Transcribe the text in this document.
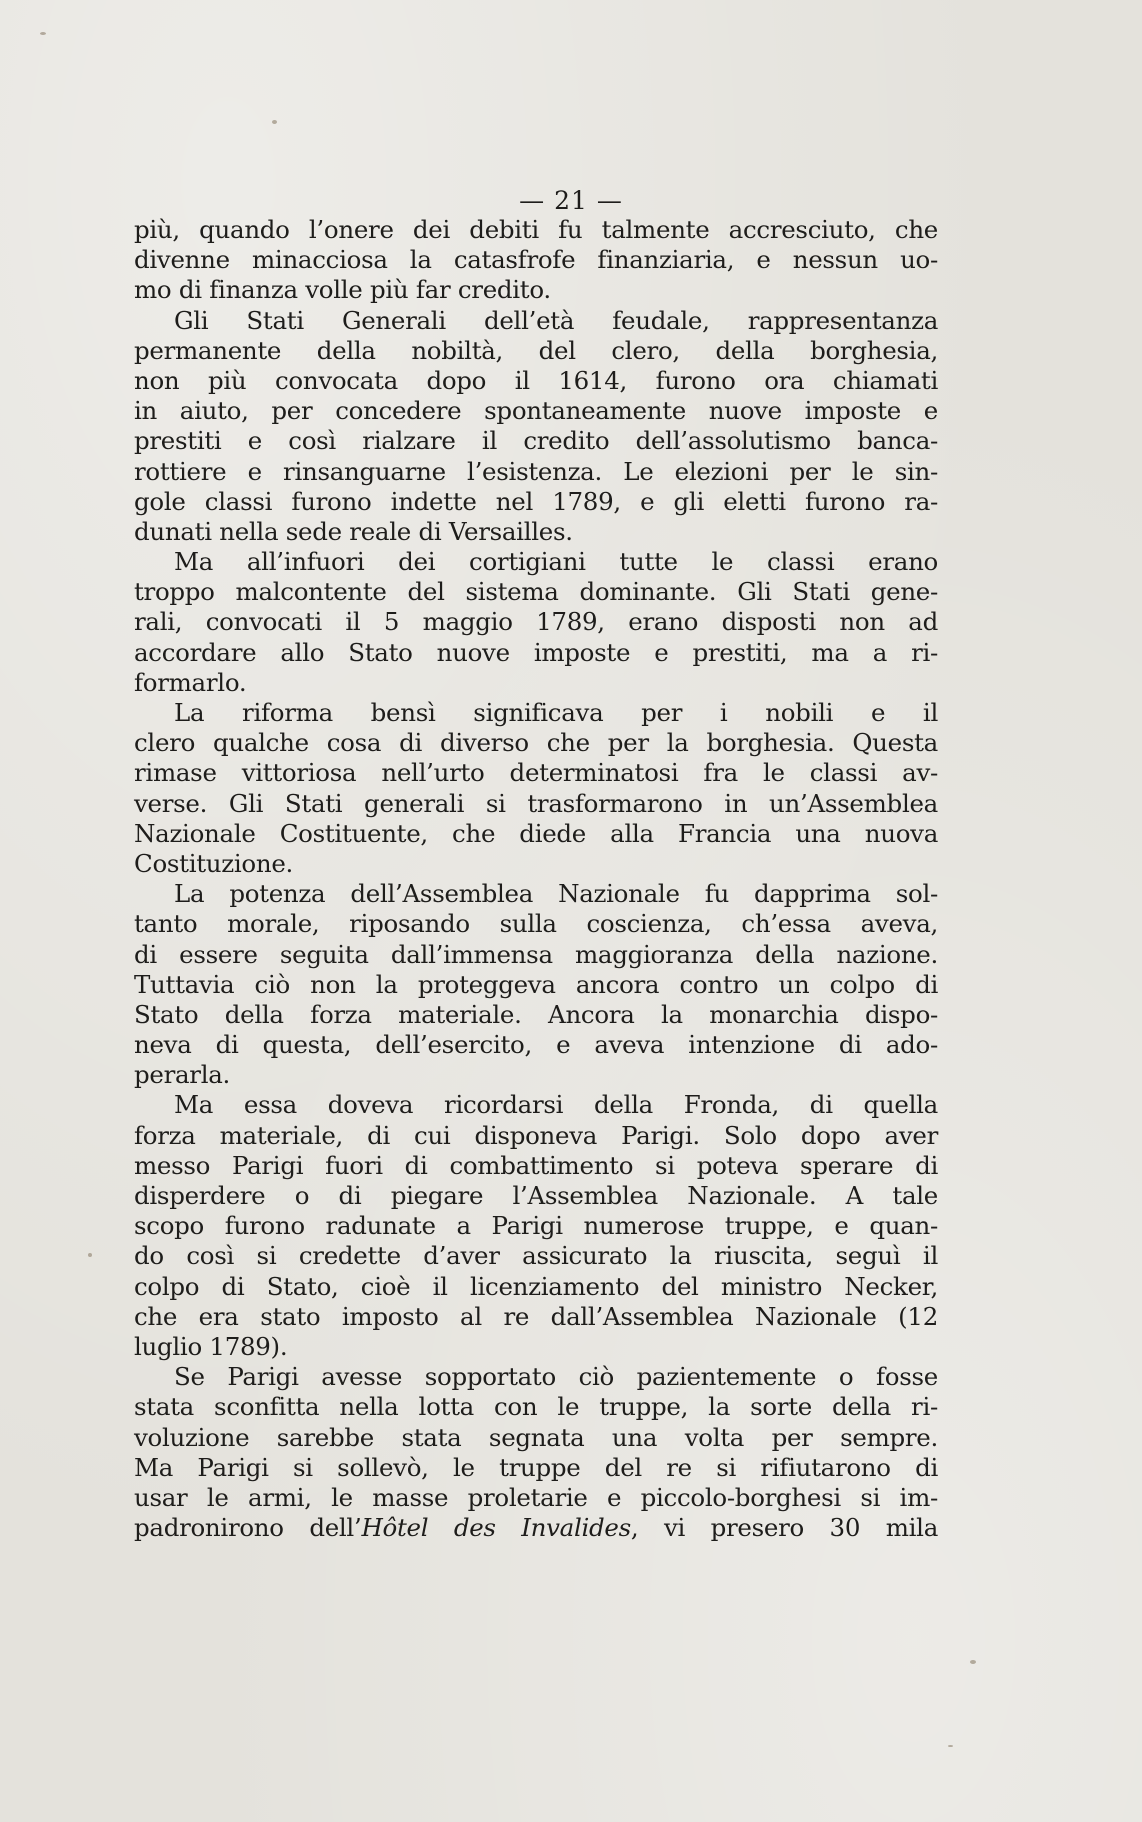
— 21 —
più, quando l’onere dei debiti fu talmente accresciuto, che
divenne minacciosa la catasfrofe finanziaria, e nessun uo-
mo di finanza volle più far credito.
Gli Stati Generali dell’età feudale, rappresentanza
permanente della nobiltà, del clero, della borghesia,
non più convocata dopo il 1614, furono ora chiamati
in aiuto, per concedere spontaneamente nuove imposte e
prestiti e così rialzare il credito dell’assolutismo banca-
rottiere e rinsanguarne l’esistenza. Le elezioni per le sin-
gole classi furono indette nel 1789, e gli eletti furono ra-
dunati nella sede reale di Versailles.
Ma all’infuori dei cortigiani tutte le classi erano
troppo malcontente del sistema dominante. Gli Stati gene-
rali, convocati il 5 maggio 1789, erano disposti non ad
accordare allo Stato nuove imposte e prestiti, ma a ri-
formarlo.
La riforma bensì significava per i nobili e il
clero qualche cosa di diverso che per la borghesia. Questa
rimase vittoriosa nell’urto determinatosi fra le classi av-
verse. Gli Stati generali si trasformarono in un’Assemblea
Nazionale Costituente, che diede alla Francia una nuova
Costituzione.
La potenza dell’Assemblea Nazionale fu dapprima sol-
tanto morale, riposando sulla coscienza, ch’essa aveva,
di essere seguita dall’immensa maggioranza della nazione.
Tuttavia ciò non la proteggeva ancora contro un colpo di
Stato della forza materiale. Ancora la monarchia dispo-
neva di questa, dell’esercito, e aveva intenzione di ado-
perarla.
Ma essa doveva ricordarsi della Fronda, di quella
forza materiale, di cui disponeva Parigi. Solo dopo aver
messo Parigi fuori di combattimento si poteva sperare di
disperdere o di piegare l’Assemblea Nazionale. A tale
scopo furono radunate a Parigi numerose truppe, e quan-
do così si credette d’aver assicurato la riuscita, seguì il
colpo di Stato, cioè il licenziamento del ministro Necker,
che era stato imposto al re dall’Assemblea Nazionale (12
luglio 1789).
Se Parigi avesse sopportato ciò pazientemente o fosse
stata sconfitta nella lotta con le truppe, la sorte della ri-
voluzione sarebbe stata segnata una volta per sempre.
Ma Parigi si sollevò, le truppe del re si rifiutarono di
usar le armi, le masse proletarie e piccolo-borghesi si im-
padronirono dell’Hôtel des Invalides, vi presero 30 mila
